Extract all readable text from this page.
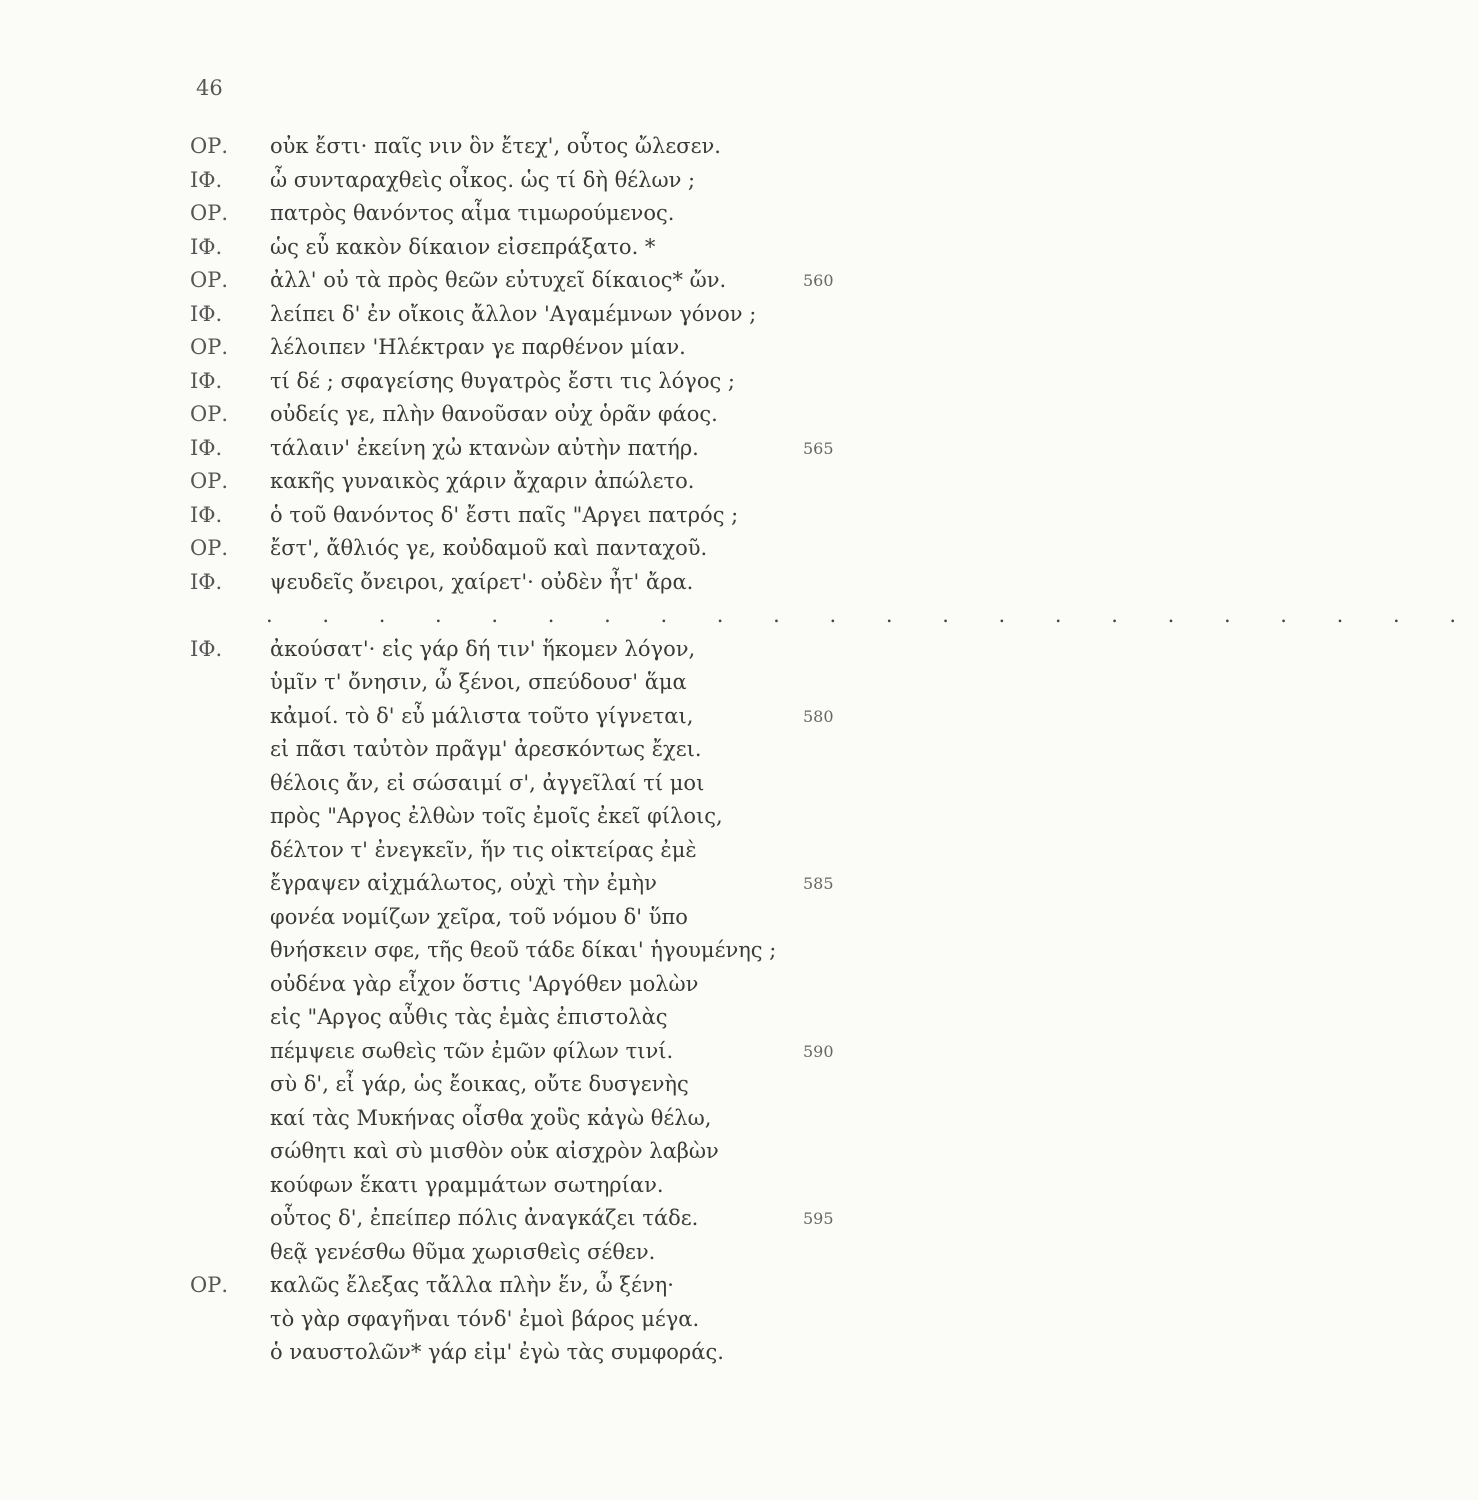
46
ΟΡ. οὐκ ἔστι· παῖς νιν ὃν ἔτεχ', οὗτος ὤλεσεν.
ΙΦ. ὦ συνταραχθεὶς οἶκος. ὡς τί δὴ θέλων ;
ΟΡ. πατρὸς θανόντος αἷμα τιμωρούμενος.
ΙΦ. ὡς εὖ κακὸν δίκαιον εἰσεπράξατο. *
ΟΡ. ἀλλ' οὐ τὰ πρὸς θεῶν εὐτυχεῖ δίκαιος* ὤν.	560
ΙΦ. λείπει δ' ἐν οἴκοις ἄλλον 'Αγαμέμνων γόνον ;
ΟΡ. λέλοιπεν 'Ηλέκτραν γε παρθένον μίαν.
ΙΦ. τί δέ ; σφαγείσης θυγατρὸς ἔστι τις λόγος ;
ΟΡ. οὐδείς γε, πλὴν θανοῦσαν οὐχ ὁρᾶν φάος.
ΙΦ. τάλαιν' ἐκείνη χὠ κτανὼν αὐτὴν πατήρ.	565
ΟΡ. κακῆς γυναικὸς χάριν ἄχαριν ἀπώλετο.
ΙΦ. ὁ τοῦ θανόντος δ' ἔστι παῖς "Αργει πατρός ;
ΟΡ. ἔστ', ἄθλιός γε, κοὐδαμοῦ καὶ πανταχοῦ.
ΙΦ. ψευδεῖς ὄνειροι, χαίρετ'· οὐδὲν ἦτ' ἄρα.
. . . . . . . . . . . . . . . . . . . . . .
ΙΦ. ἀκούσατ'· εἰς γάρ δή τιν' ἥκομεν λόγον,
ὑμῖν τ' ὄνησιν, ὦ ξένοι, σπεύδουσ' ἅμα
κἀμοί. τὸ δ' εὖ μάλιστα τοῦτο γίγνεται,	580
εἰ πᾶσι ταὐτὸν πρᾶγμ' ἀρεσκόντως ἔχει.
θέλοις ἄν, εἰ σώσαιμί σ', ἀγγεῖλαί τί μοι
πρὸς "Αργος ἐλθὼν τοῖς ἐμοῖς ἐκεῖ φίλοις,
δέλτον τ' ἐνεγκεῖν, ἥν τις οἰκτείρας ἐμὲ
ἔγραψεν αἰχμάλωτος, οὐχὶ τὴν ἐμὴν	585
φονέα νομίζων χεῖρα, τοῦ νόμου δ' ὕπο
θνήσκειν σφε, τῆς θεοῦ τάδε δίκαι' ἡγουμένης ;
οὐδένα γὰρ εἶχον ὅστις 'Αργόθεν μολὼν
εἰς "Αργος αὖθις τὰς ἐμὰς ἐπιστολὰς
πέμψειε σωθεὶς τῶν ἐμῶν φίλων τινί.	590
σὺ δ', εἶ γάρ, ὡς ἔοικας, οὔτε δυσγενὴς
καί τὰς Μυκήνας οἶσθα χοὓς κἀγὼ θέλω,
σώθητι καὶ σὺ μισθὸν οὐκ αἰσχρὸν λαβὼν
κούφων ἕκατι γραμμάτων σωτηρίαν.
οὗτος δ', ἐπείπερ πόλις ἀναγκάζει τάδε.	595
θεᾷ γενέσθω θῦμα χωρισθεὶς σέθεν.
ΟΡ. καλῶς ἔλεξας τἄλλα πλὴν ἕν, ὦ ξένη·
τὸ γὰρ σφαγῆναι τόνδ' ἐμοὶ βάρος μέγα.
ὁ ναυστολῶν* γάρ εἰμ' ἐγὼ τὰς συμφοράς.
